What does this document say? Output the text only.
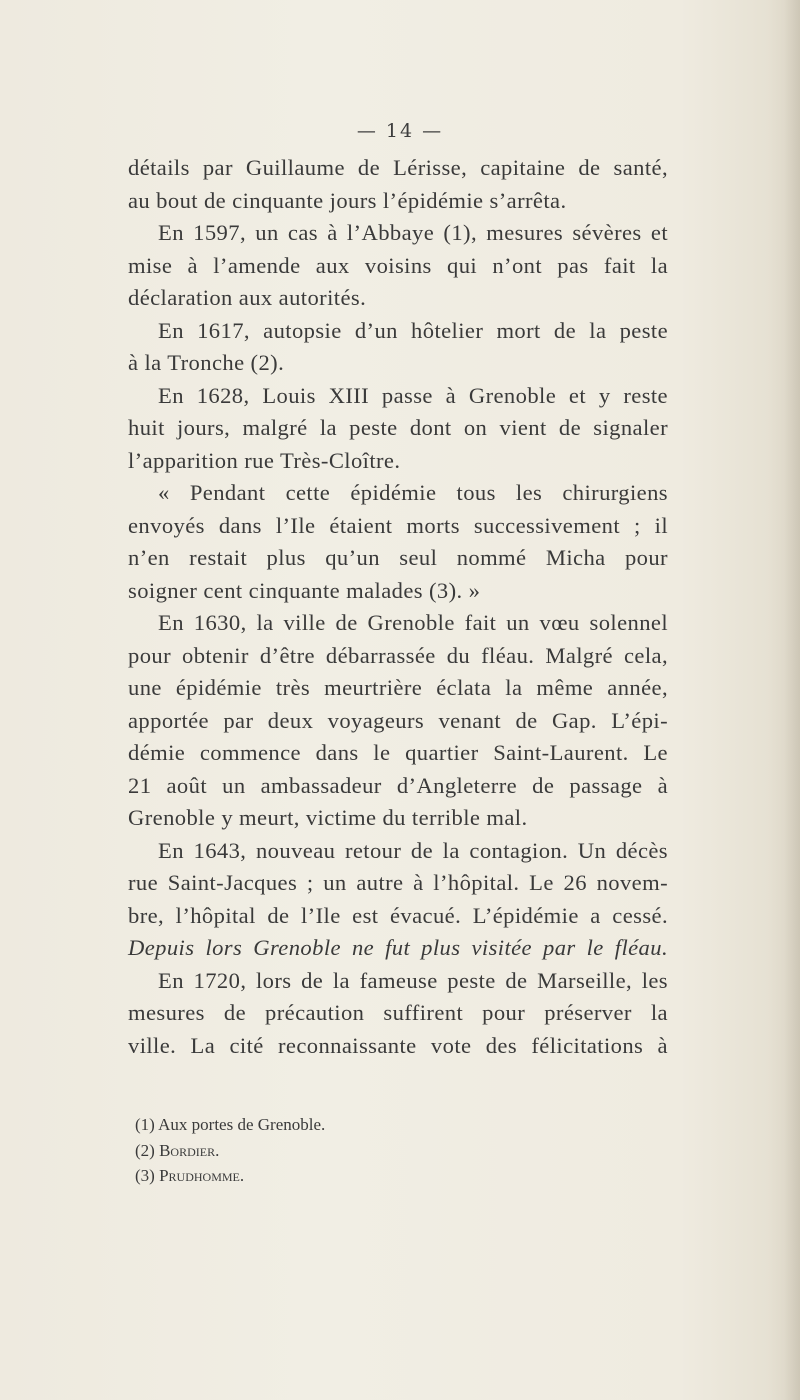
— 14 —
détails par Guillaume de Lérisse, capitaine de santé,
au bout de cinquante jours l’épidémie s’arrêta.
En 1597, un cas à l’Abbaye (1), mesures sévères et
mise à l’amende aux voisins qui n’ont pas fait la
déclaration aux autorités.
En 1617, autopsie d’un hôtelier mort de la peste
à la Tronche (2).
En 1628, Louis XIII passe à Grenoble et y reste
huit jours, malgré la peste dont on vient de signaler
l’apparition rue Très-Cloître.
« Pendant cette épidémie tous les chirurgiens
envoyés dans l’Ile étaient morts successivement ; il
n’en restait plus qu’un seul nommé Micha pour
soigner cent cinquante malades (3). »
En 1630, la ville de Grenoble fait un vœu solennel
pour obtenir d’être débarrassée du fléau. Malgré cela,
une épidémie très meurtrière éclata la même année,
apportée par deux voyageurs venant de Gap. L’épi-
démie commence dans le quartier Saint-Laurent. Le
21 août un ambassadeur d’Angleterre de passage à
Grenoble y meurt, victime du terrible mal.
En 1643, nouveau retour de la contagion. Un décès
rue Saint-Jacques ; un autre à l’hôpital. Le 26 novem-
bre, l’hôpital de l’Ile est évacué. L’épidémie a cessé.
Depuis lors Grenoble ne fut plus visitée par le fléau.
En 1720, lors de la fameuse peste de Marseille, les
mesures de précaution suffirent pour préserver la
ville. La cité reconnaissante vote des félicitations à
(1) Aux portes de Grenoble.
(2) Bordier.
(3) Prudhomme.
